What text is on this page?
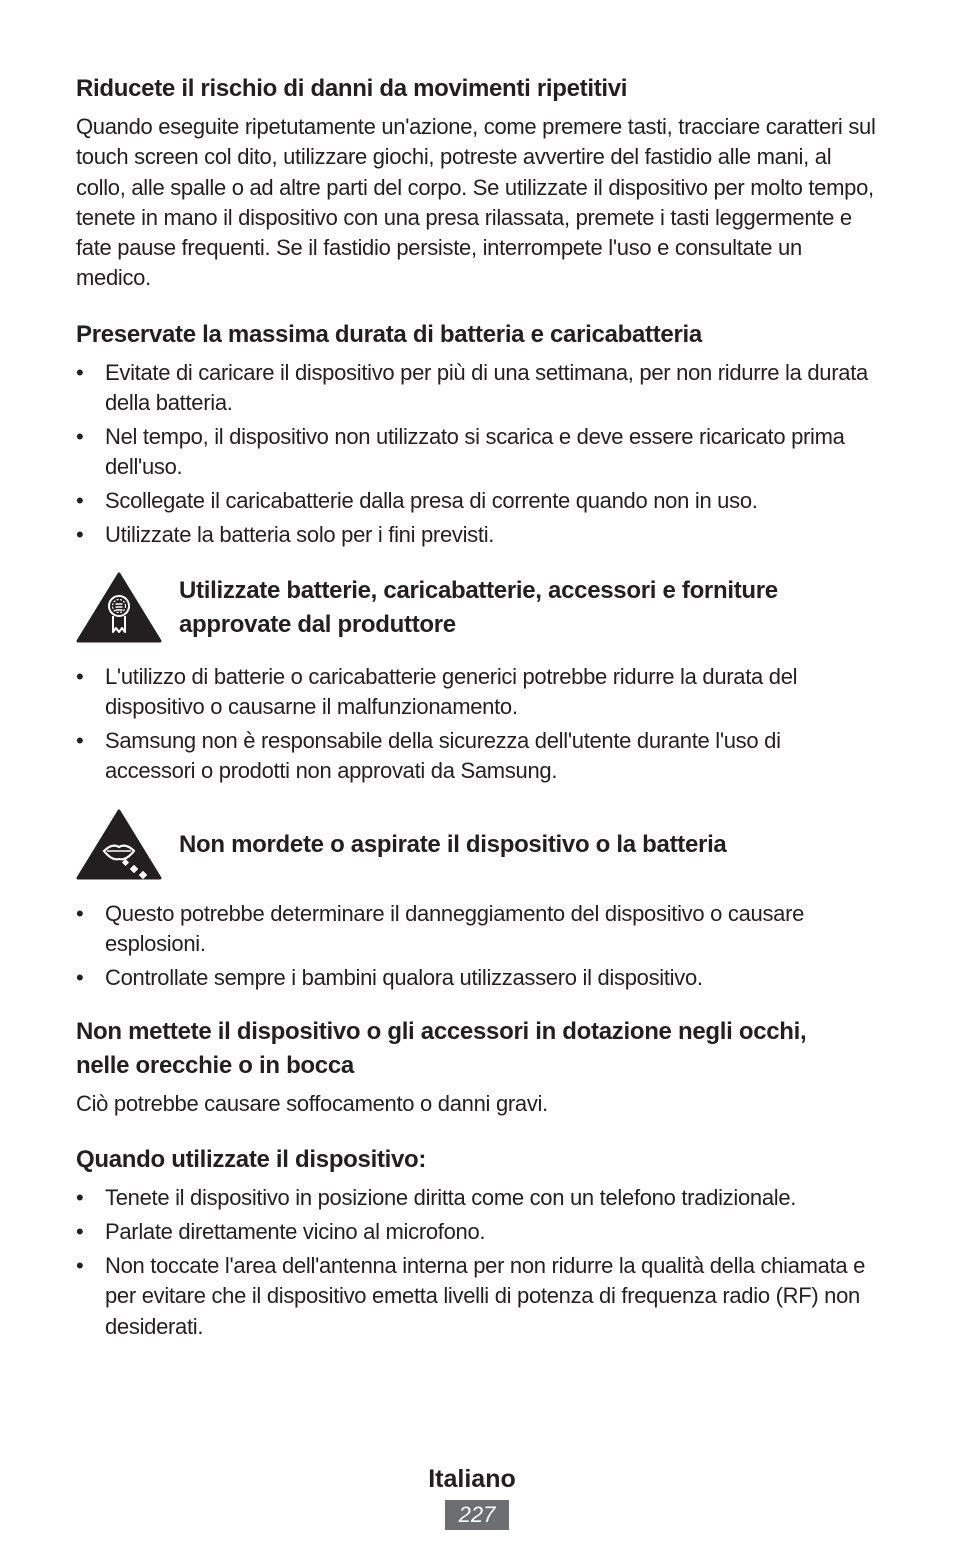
Riducete il rischio di danni da movimenti ripetitivi

Quando eseguite ripetutamente un'azione, come premere tasti, tracciare caratteri sul touch screen col dito, utilizzare giochi, potreste avvertire del fastidio alle mani, al collo, alle spalle o ad altre parti del corpo. Se utilizzate il dispositivo per molto tempo, tenete in mano il dispositivo con una presa rilassata, premete i tasti leggermente e fate pause frequenti. Se il fastidio persiste, interrompete l'uso e consultate un medico.

Preservate la massima durata di batteria e caricabatteria
• Evitate di caricare il dispositivo per più di una settimana, per non ridurre la durata della batteria.
• Nel tempo, il dispositivo non utilizzato si scarica e deve essere ricaricato prima dell'uso.
• Scollegate il caricabatterie dalla presa di corrente quando non in uso.
• Utilizzate la batteria solo per i fini previsti.
Utilizzate batterie, caricabatterie, accessori e forniture
approvate dal produttore
• L'utilizzo di batterie o caricabatterie generici potrebbe ridurre la durata del dispositivo o causarne il malfunzionamento.
• Samsung non è responsabile della sicurezza dell'utente durante l'uso di accessori o prodotti non approvati da Samsung.
Non mordete o aspirate il dispositivo o la batteria
• Questo potrebbe determinare il danneggiamento del dispositivo o causare esplosioni.
• Controllate sempre i bambini qualora utilizzassero il dispositivo.
Non mettete il dispositivo o gli accessori in dotazione negli occhi,
nelle orecchie o in bocca

Ciò potrebbe causare soffocamento o danni gravi.

Quando utilizzate il dispositivo:
• Tenete il dispositivo in posizione diritta come con un telefono tradizionale.
• Parlate direttamente vicino al microfono.
• Non toccate l'area dell'antenna interna per non ridurre la qualità della chiamata e per evitare che il dispositivo emetta livelli di potenza di frequenza radio (RF) non desiderati.
Italiano
227
